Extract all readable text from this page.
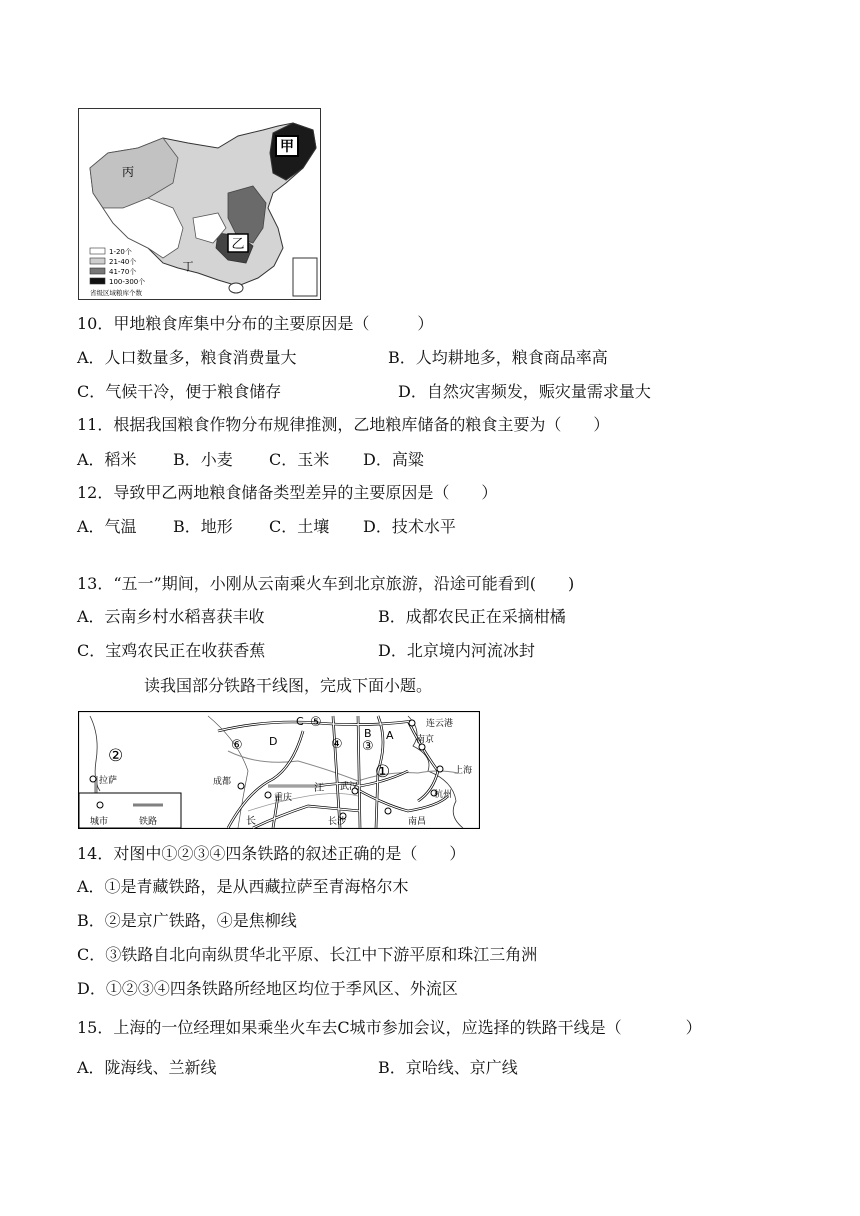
甲
乙
丙
丁
1-20个
21-40个
41-70个
100-300个
省级区域粮库个数
10．甲地粮食库集中分布的主要原因是（　　　）
A．人口数量多，粮食消费量大	B．人均耕地多，粮食商品率高
C．气候干冷，便于粮食储存	D．自然灾害频发，赈灾量需求量大
11．根据我国粮食作物分布规律推测，乙地粮库储备的粮食主要为（　　）
A．稻米 B．小麦 C．玉米 D．高粱
12．导致甲乙两地粮食储备类型差异的主要原因是（　　）
A．气温 B．地形 C．土壤 D．技术水平
13．“五一”期间，小刚从云南乘火车到北京旅游，沿途可能看到(　　)
A．云南乡村水稻喜获丰收	B．成都农民正在采摘柑橘
C．宝鸡农民正在收获香蕉	D．北京境内河流冰封
读我国部分铁路干线图，完成下面小题。
连云港
南京
上海
杭州
拉萨	成都
重庆
武汉
长沙	南昌
C
D
B A
⑤
⑥	④ ③
②
①
江
长
城市	铁路
14．对图中①②③④四条铁路的叙述正确的是（　　）
A．①是青藏铁路，是从西藏拉萨至青海格尔木
B．②是京广铁路，④是焦柳线
C．③铁路自北向南纵贯华北平原、长江中下游平原和珠江三角洲
D．①②③④四条铁路所经地区均位于季风区、外流区
15．上海的一位经理如果乘坐火车去C城市参加会议，应选择的铁路干线是（　　　　）
A．陇海线、兰新线	B．京哈线、京广线
